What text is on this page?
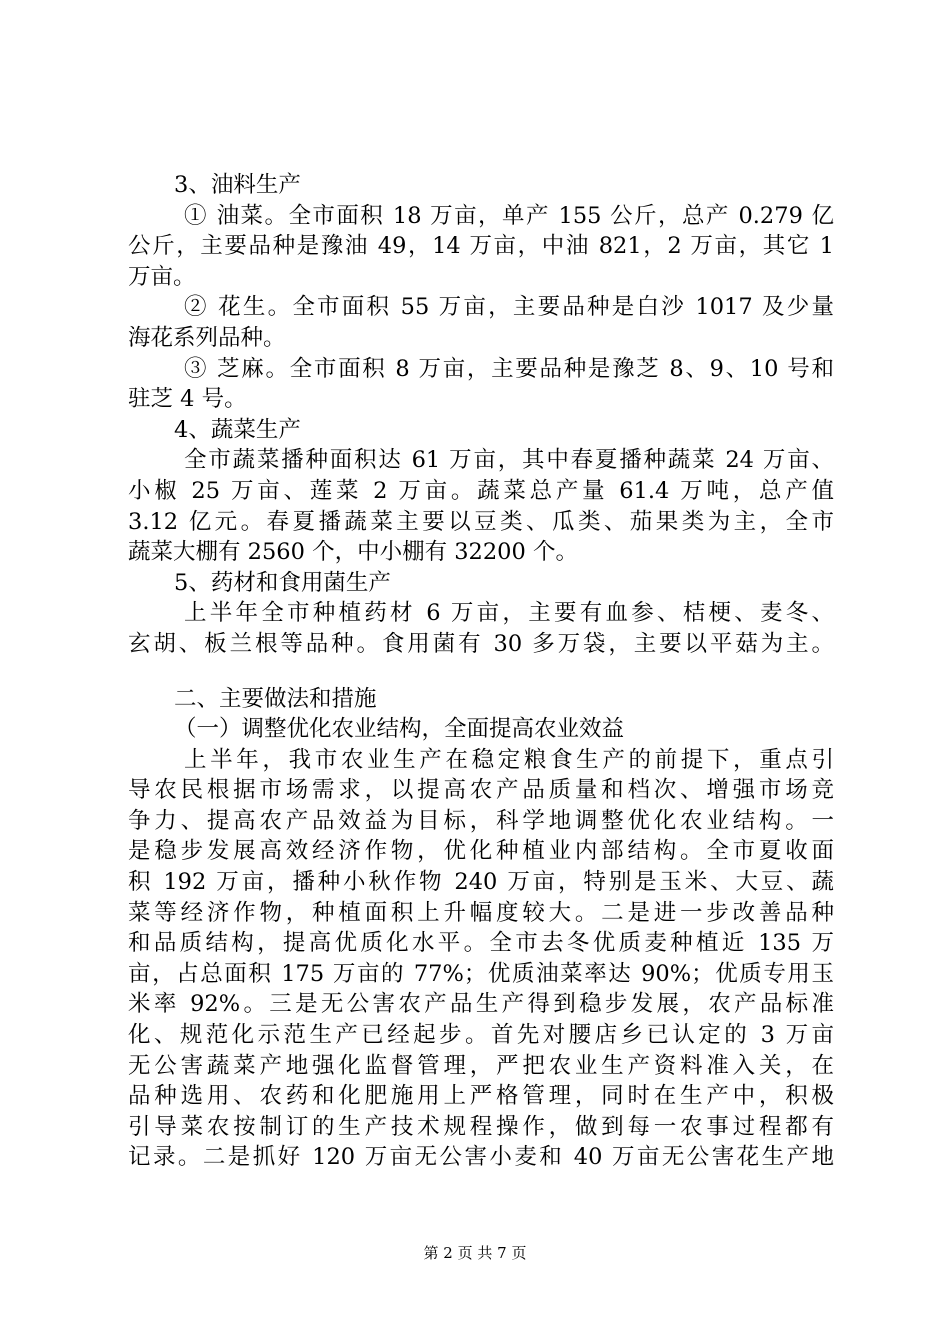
3、油料生产
① 油菜。全市面积 18 万亩，单产 155 公斤，总产 0.279 亿
公斤，主要品种是豫油 49，14 万亩，中油 821，2 万亩，其它 1
万亩。
② 花生。全市面积 55 万亩，主要品种是白沙 1017 及少量
海花系列品种。
③ 芝麻。全市面积 8 万亩，主要品种是豫芝 8、9、10 号和
驻芝 4 号。
4、蔬菜生产
全市蔬菜播种面积达 61 万亩，其中春夏播种蔬菜 24 万亩、
小椒 25 万亩、莲菜 2 万亩。蔬菜总产量 61.4 万吨，总产值
3.12 亿元。春夏播蔬菜主要以豆类、瓜类、茄果类为主，全市
蔬菜大棚有 2560 个，中小棚有 32200 个。
5、药材和食用菌生产
上半年全市种植药材 6 万亩，主要有血参、桔梗、麦冬、
玄胡、板兰根等品种。食用菌有 30 多万袋，主要以平菇为主。
二、主要做法和措施
（一）调整优化农业结构，全面提高农业效益
上半年，我市农业生产在稳定粮食生产的前提下，重点引
导农民根据市场需求，以提高农产品质量和档次、增强市场竞
争力、提高农产品效益为目标，科学地调整优化农业结构。一
是稳步发展高效经济作物，优化种植业内部结构。全市夏收面
积 192 万亩，播种小秋作物 240 万亩，特别是玉米、大豆、蔬
菜等经济作物，种植面积上升幅度较大。二是进一步改善品种
和品质结构，提高优质化水平。全市去冬优质麦种植近 135 万
亩，占总面积 175 万亩的 77%；优质油菜率达 90%；优质专用玉
米率 92%。三是无公害农产品生产得到稳步发展，农产品标准
化、规范化示范生产已经起步。首先对腰店乡已认定的 3 万亩
无公害蔬菜产地强化监督管理，严把农业生产资料准入关，在
品种选用、农药和化肥施用上严格管理，同时在生产中，积极
引导菜农按制订的生产技术规程操作，做到每一农事过程都有
记录。二是抓好 120 万亩无公害小麦和 40 万亩无公害花生产地
第 2 页 共 7 页
